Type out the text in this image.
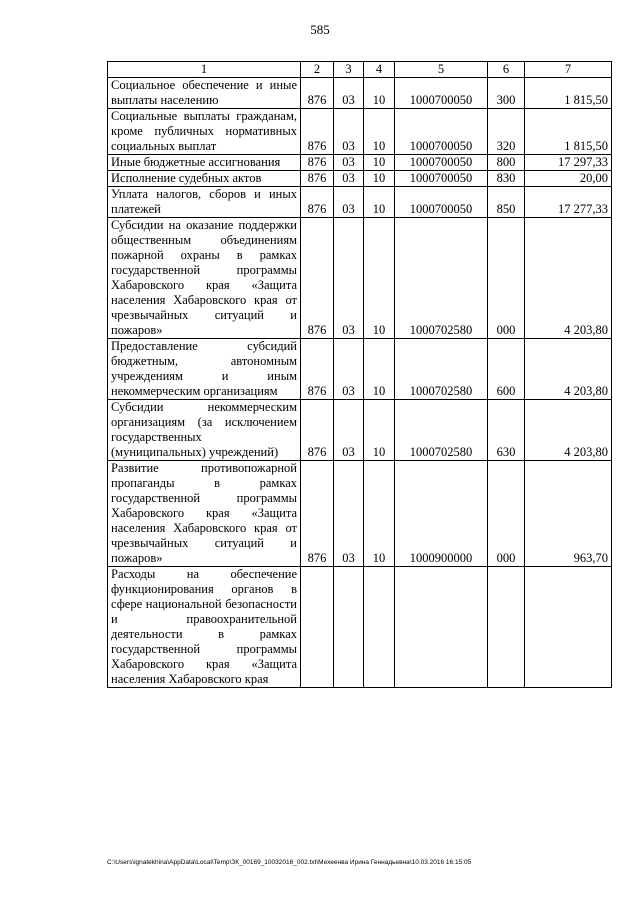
585
1	2	3	4	5	6	7
Социальное обеспечение и иные выплаты населению	876	03	10	1000700050	300	1 815,50
Социальные выплаты гражданам, кроме публичных нормативных социальных выплат	876	03	10	1000700050	320	1 815,50
Иные бюджетные ассигнования	876	03	10	1000700050	800	17 297,33
Исполнение судебных актов	876	03	10	1000700050	830	20,00
Уплата налогов, сборов и иных платежей	876	03	10	1000700050	850	17 277,33
Субсидии на оказание поддержки общественным объединениям пожарной охраны в рамках государственной программы Хабаровского края «Защита населения Хабаровского края от чрезвычайных ситуаций и пожаров»	876	03	10	1000702580	000	4 203,80
Предоставление субсидий бюджетным, автономным учреждениям и иным некоммерческим организациям	876	03	10	1000702580	600	4 203,80
Субсидии некоммерческим организациям (за исключением государственных (муниципальных) учреждений)	876	03	10	1000702580	630	4 203,80
Развитие противопожарной пропаганды в рамках государственной программы Хабаровского края «Защита населения Хабаровского края от чрезвычайных ситуаций и пожаров»	876	03	10	1000900000	000	963,70
Расходы на обеспечение функционирования органов в сфере национальной безопасности и правоохранительной деятельности в рамках государственной программы Хабаровского края «Защита населения Хабаровского края						
C:\Users\ignatekhina\AppData\Local\Temp\ЗК_00169_10032016_002.txt\Мехеенва Ирина Геннадьевна\10.03.2016 16:15:05
